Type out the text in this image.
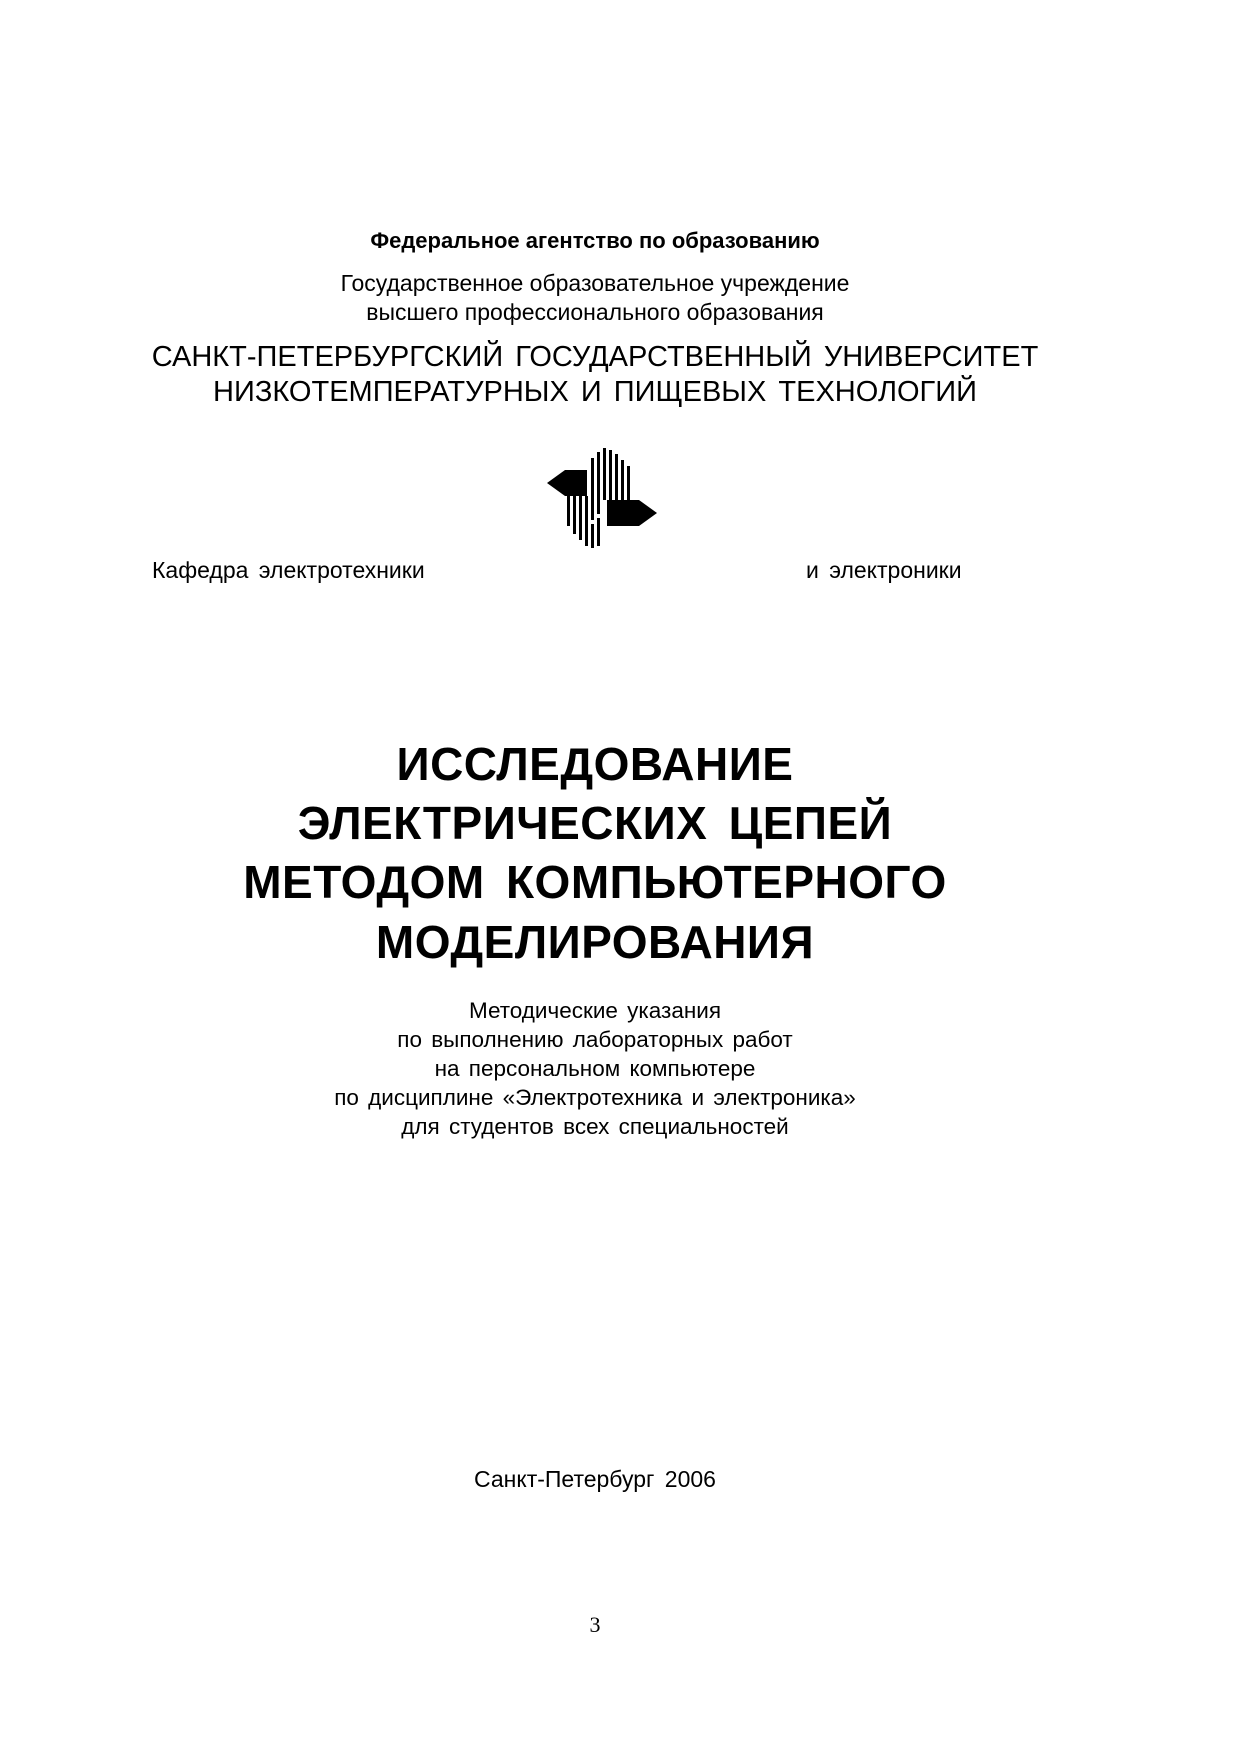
Федеральное агентство по образованию
Государственное образовательное учреждение
высшего профессионального образования
САНКТ-ПЕТЕРБУРГСКИЙ ГОСУДАРСТВЕННЫЙ УНИВЕРСИТЕТ
НИЗКОТЕМПЕРАТУРНЫХ И ПИЩЕВЫХ ТЕХНОЛОГИЙ
Кафедра электротехники	и электроники
ИССЛЕДОВАНИЕ
ЭЛЕКТРИЧЕСКИХ ЦЕПЕЙ
МЕТОДОМ КОМПЬЮТЕРНОГО
МОДЕЛИРОВАНИЯ
Методические указания
по выполнению лабораторных работ
на персональном компьютере
по дисциплине «Электротехника и электроника»
для студентов всех специальностей
Санкт-Петербург 2006
3
